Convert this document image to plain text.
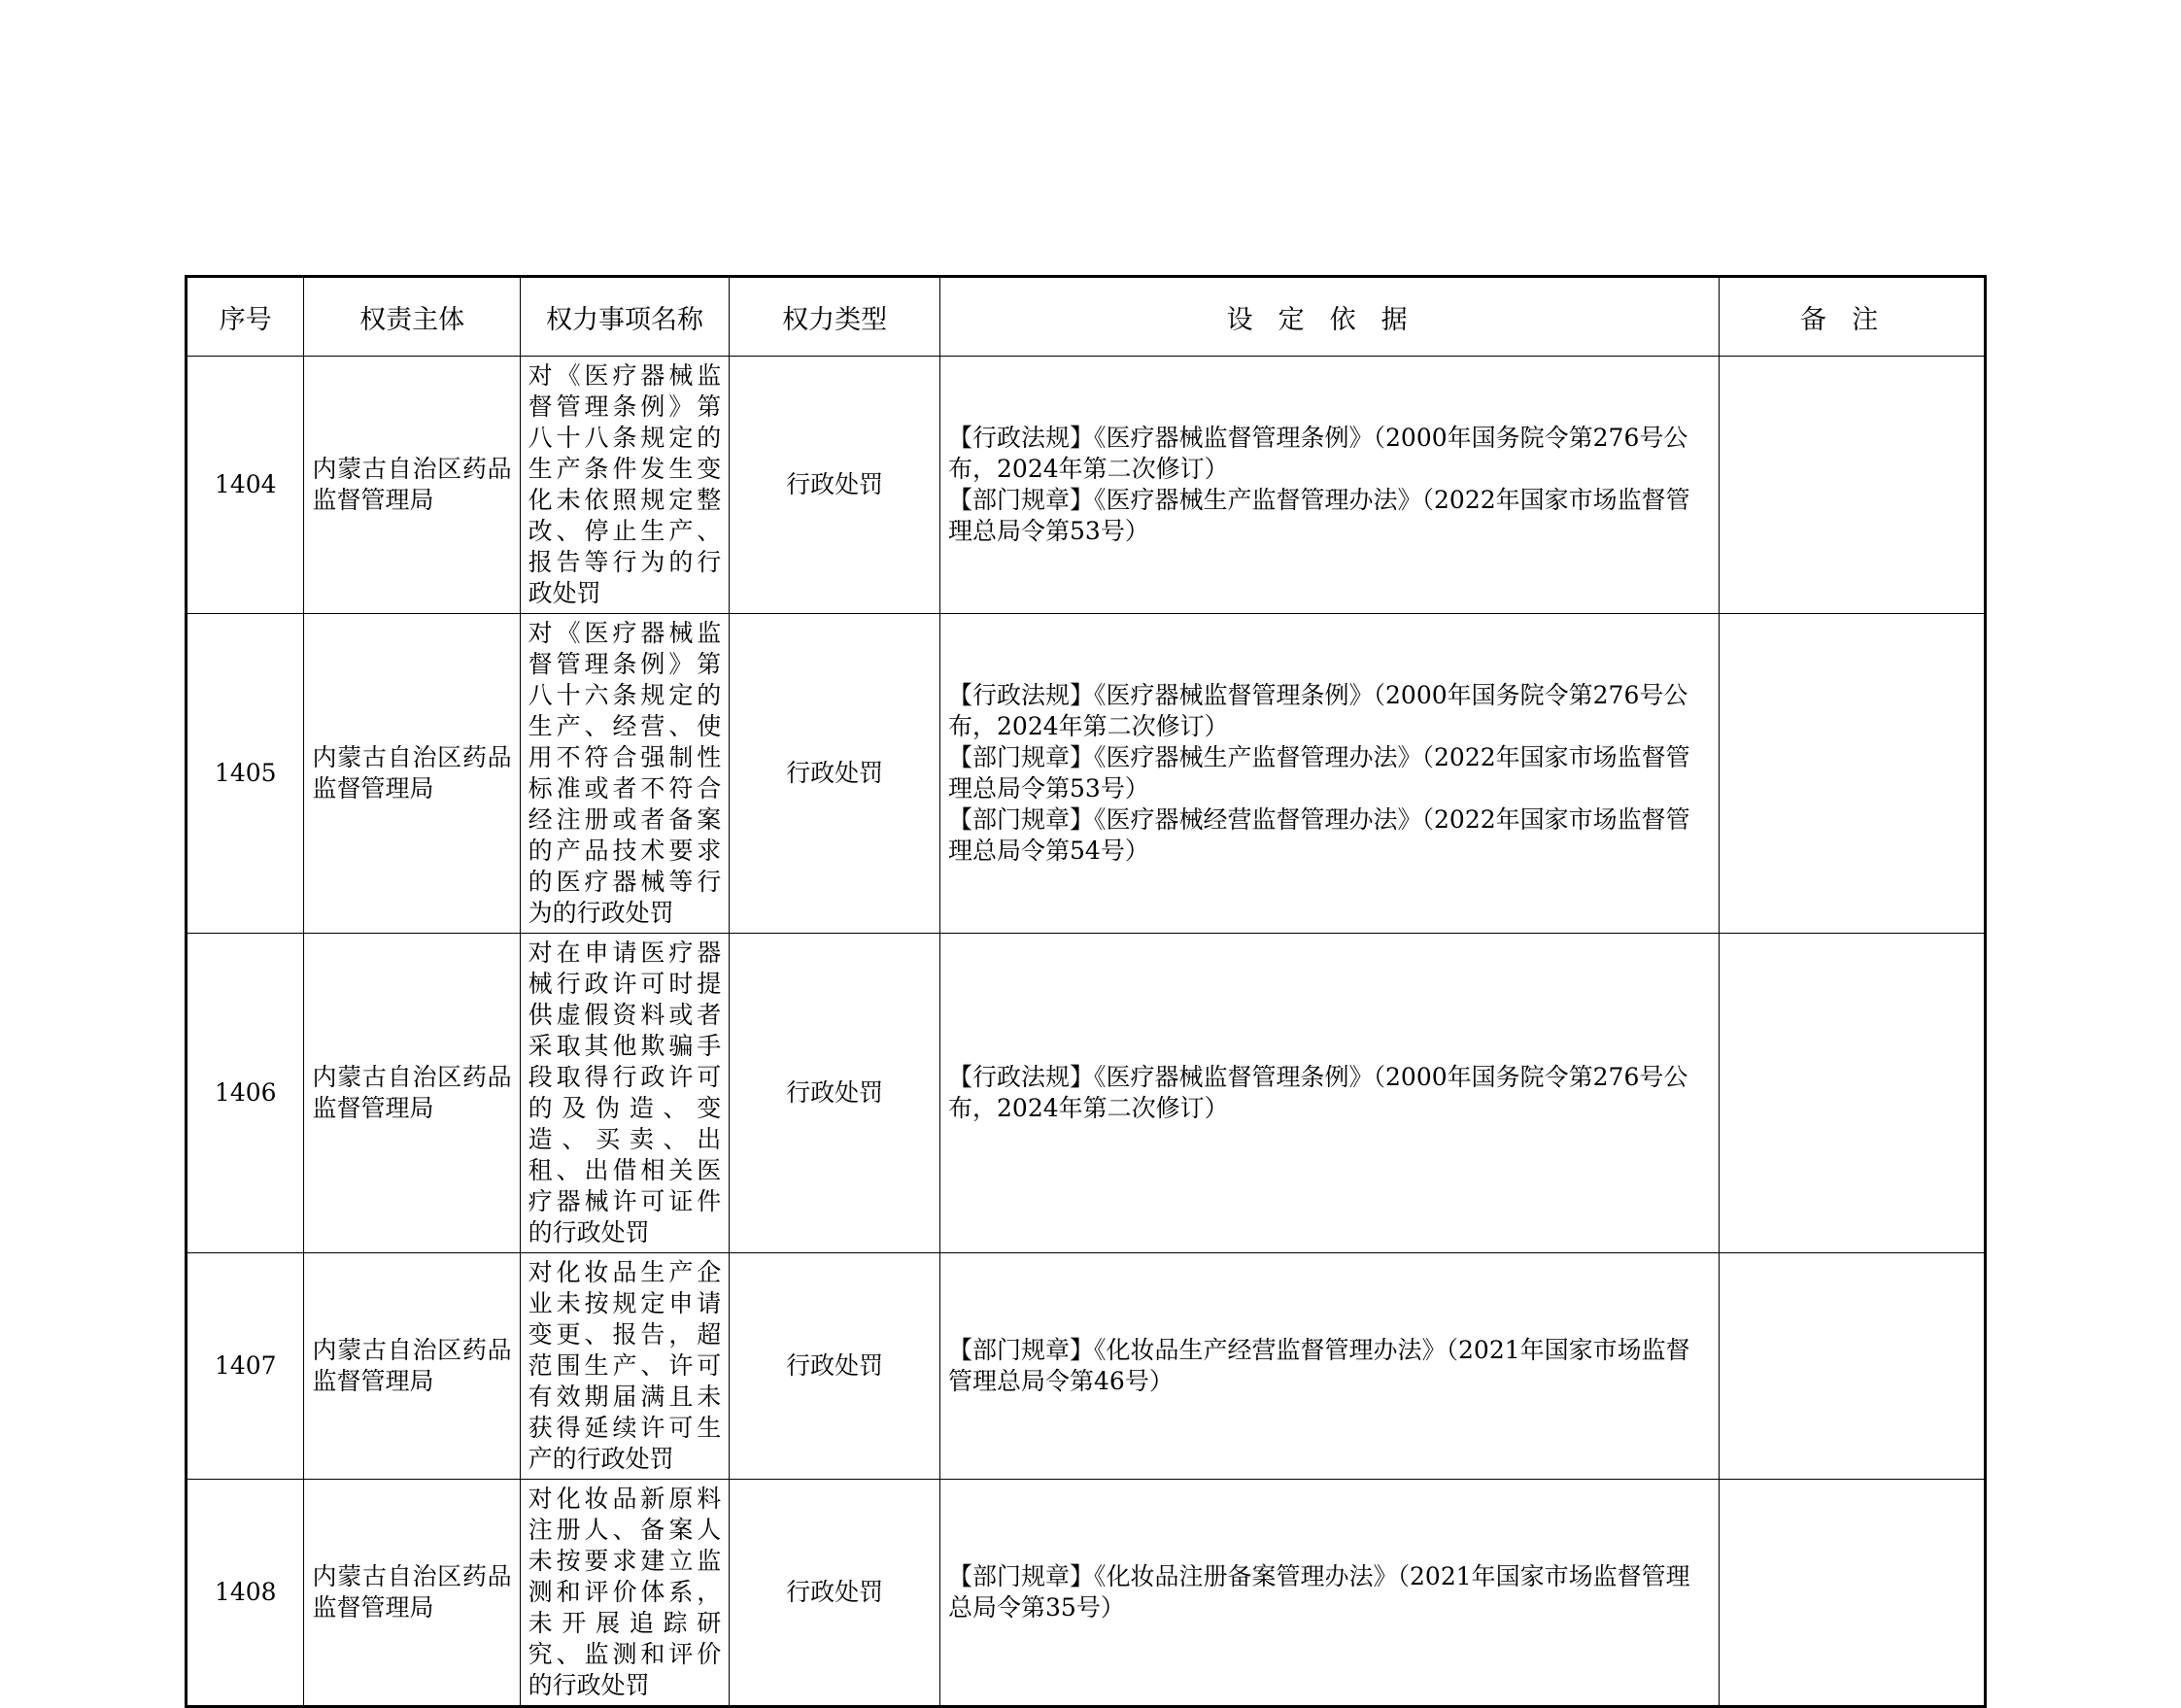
序号	权责主体	权力事项名称	权力类型	设定依据	备注
1404	内蒙古自治区药品监督管理局	对《医疗器械监督管理条例》第八十八条规定的生产条件发生变化未依照规定整改、停止生产、报告等行为的行政处罚	行政处罚	【行政法规】《医疗器械监督管理条例》（2000年国务院令第276号公布，2024年第二次修订）
【部门规章】《医疗器械生产监督管理办法》（2022年国家市场监督管理总局令第53号）	

1405	内蒙古自治区药品监督管理局	对《医疗器械监督管理条例》第八十六条规定的生产、经营、使用不符合强制性标准或者不符合经注册或者备案的产品技术要求的医疗器械等行为的行政处罚	行政处罚	【行政法规】《医疗器械监督管理条例》（2000年国务院令第276号公布，2024年第二次修订）
【部门规章】《医疗器械生产监督管理办法》（2022年国家市场监督管理总局令第53号）
【部门规章】《医疗器械经营监督管理办法》（2022年国家市场监督管理总局令第54号）	

1406	内蒙古自治区药品监督管理局	对在申请医疗器械行政许可时提供虚假资料或者采取其他欺骗手段取得行政许可的及伪造、变造、买卖、出租、出借相关医疗器械许可证件的行政处罚	行政处罚	【行政法规】《医疗器械监督管理条例》（2000年国务院令第276号公布，2024年第二次修订）	

1407	内蒙古自治区药品监督管理局	对化妆品生产企业未按规定申请变更、报告，超范围生产、许可有效期届满且未获得延续许可生产的行政处罚	行政处罚	【部门规章】《化妆品生产经营监督管理办法》（2021年国家市场监督管理总局令第46号）	

1408	内蒙古自治区药品监督管理局	对化妆品新原料注册人、备案人未按要求建立监测和评价体系，未开展追踪研究、监测和评价的行政处罚	行政处罚	【部门规章】《化妆品注册备案管理办法》（2021年国家市场监督管理总局令第35号）	
